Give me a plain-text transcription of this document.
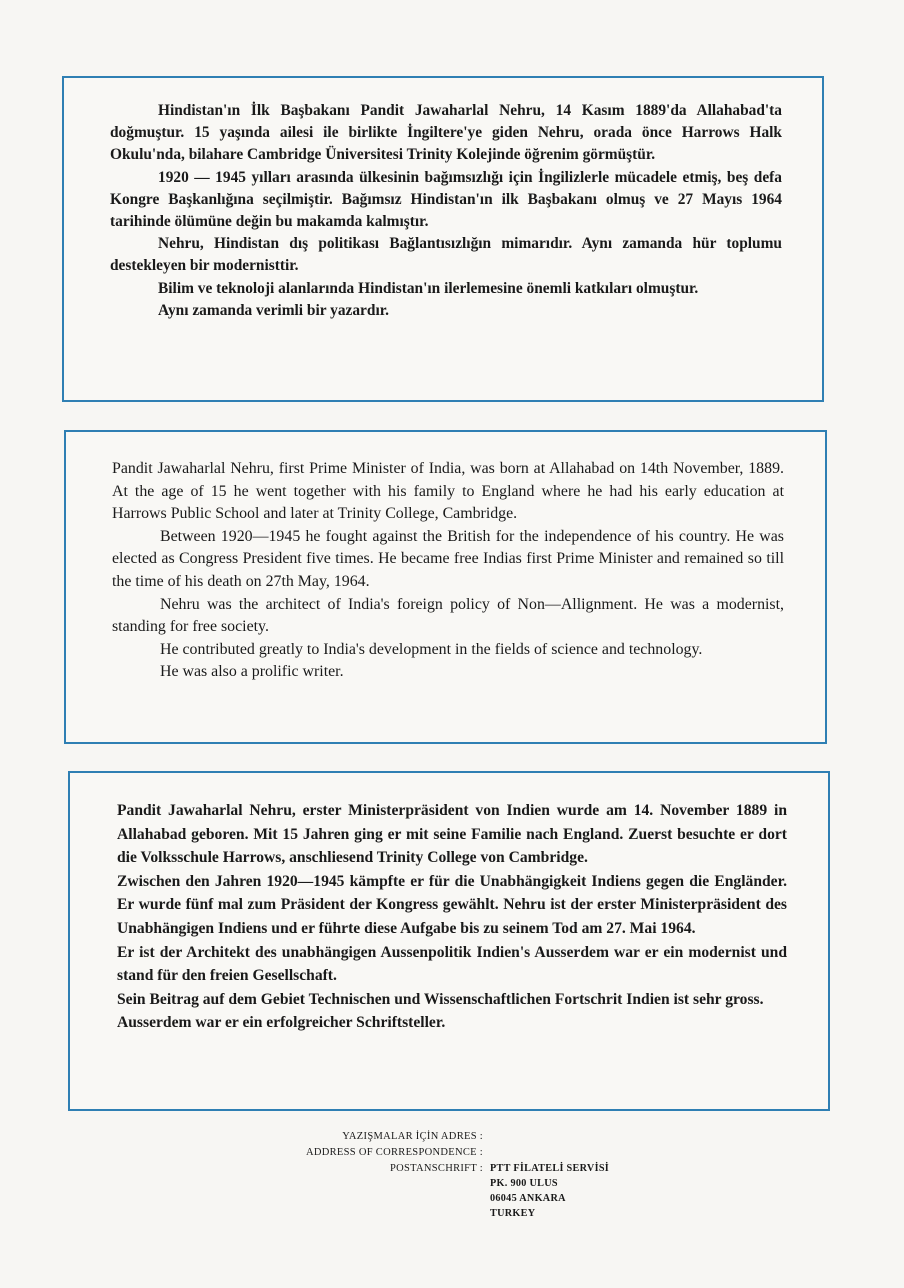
Hindistan'ın İlk Başbakanı Pandit Jawaharlal Nehru, 14 Kasım 1889'da Allahabad'ta doğmuştur. 15 yaşında ailesi ile birlikte İngiltere'ye giden Nehru, orada önce Harrows Halk Okulu'nda, bilahare Cambridge Üniversitesi Trinity Kolejinde öğrenim görmüştür.

1920 — 1945 yılları arasında ülkesinin bağımsızlığı için İngilizlerle mücadele etmiş, beş defa Kongre Başkanlığına seçilmiştir. Bağımsız Hindistan'ın ilk Başbakanı olmuş ve 27 Mayıs 1964 tarihinde ölümüne değin bu makamda kalmıştır.

Nehru, Hindistan dış politikası Bağlantısızlığın mimarıdır. Aynı zamanda hür toplumu destekleyen bir modernisttir.

Bilim ve teknoloji alanlarında Hindistan'ın ilerlemesine önemli katkıları olmuştur.

Aynı zamanda verimli bir yazardır.

Pandit Jawaharlal Nehru, first Prime Minister of India, was born at Allahabad on 14th November, 1889. At the age of 15 he went together with his family to England where he had his early education at Harrows Public School and later at Trinity College, Cambridge.

Between 1920—1945 he fought against the British for the independence of his country. He was elected as Congress President five times. He became free Indias first Prime Minister and remained so till the time of his death on 27th May, 1964.

Nehru was the architect of India's foreign policy of Non—Allignment. He was a modernist, standing for free society.

He contributed greatly to India's development in the fields of science and technology.

He was also a prolific writer.

Pandit Jawaharlal Nehru, erster Ministerpräsident von Indien wurde am 14. November 1889 in Allahabad geboren. Mit 15 Jahren ging er mit seine Familie nach England. Zuerst besuchte er dort die Volksschule Harrows, anschliesend Trinity College von Cambridge.

Zwischen den Jahren 1920—1945 kämpfte er für die Unabhängigkeit Indiens gegen die Engländer. Er wurde fünf mal zum Präsident der Kongress gewählt. Nehru ist der erster Ministerpräsident des Unabhängigen Indiens und er führte diese Aufgabe bis zu seinem Tod am 27. Mai 1964.

Er ist der Architekt des unabhängigen Aussenpolitik Indien's Ausserdem war er ein modernist und stand für den freien Gesellschaft.

Sein Beitrag auf dem Gebiet Technischen und Wissenschaftlichen Fortschrit Indien ist sehr gross.

Ausserdem war er ein erfolgreicher Schriftsteller.

YAZIŞMALAR İÇİN ADRES :
ADDRESS OF CORRESPONDENCE :
POSTANSCHRIFT : PTT FİLATELİ SERVİSİ
PK. 900 ULUS
06045 ANKARA
TURKEY
